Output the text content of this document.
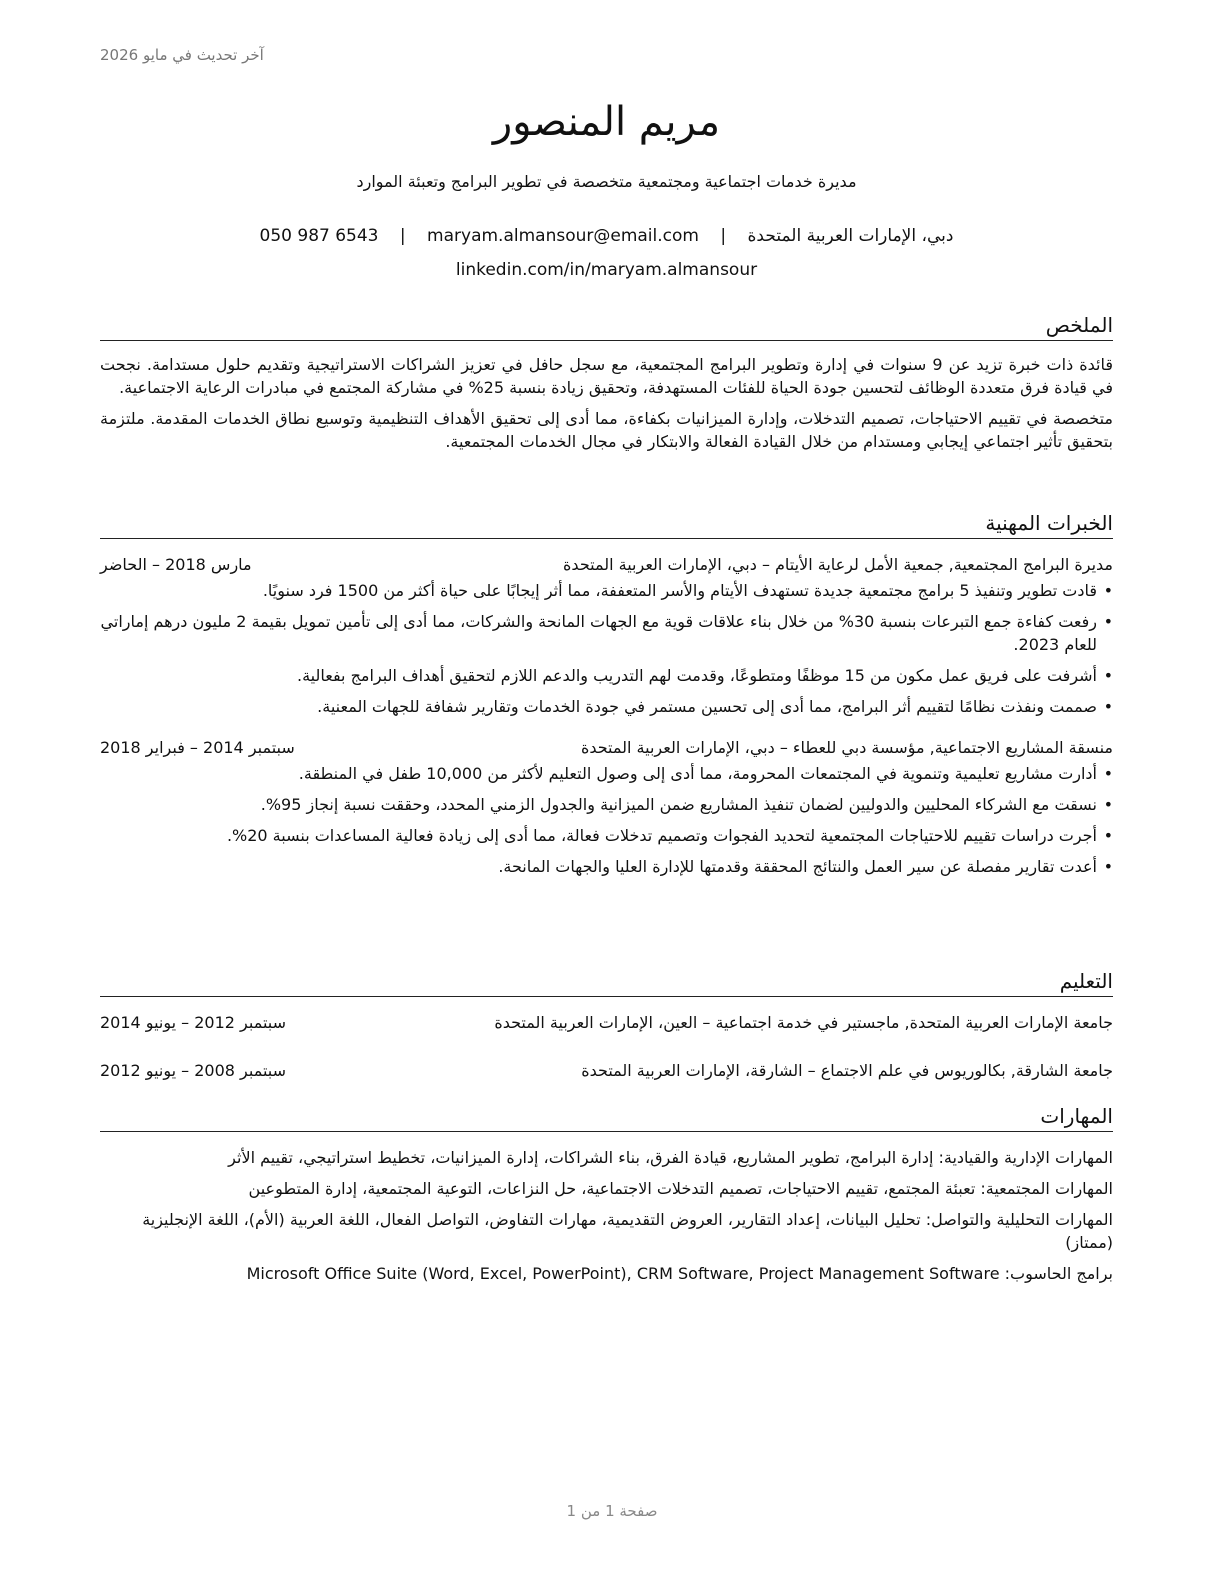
آخر تحديث في مايو 2026
مريم المنصور

مديرة خدمات اجتماعية ومجتمعية متخصصة في تطوير البرامج وتعبئة الموارد

دبي، الإمارات العربية المتحدة | maryam.almansour@email.com | 050 987 6543
linkedin.com/in/maryam.almansour
الملخص

قائدة ذات خبرة تزيد عن 9 سنوات في إدارة وتطوير البرامج المجتمعية، مع سجل حافل في تعزيز الشراكات الاستراتيجية وتقديم حلول مستدامة. نجحت في قيادة فرق متعددة الوظائف لتحسين جودة الحياة للفئات المستهدفة، وتحقيق زيادة بنسبة 25% في مشاركة المجتمع في مبادرات الرعاية الاجتماعية.

متخصصة في تقييم الاحتياجات، تصميم التدخلات، وإدارة الميزانيات بكفاءة، مما أدى إلى تحقيق الأهداف التنظيمية وتوسيع نطاق الخدمات المقدمة. ملتزمة بتحقيق تأثير اجتماعي إيجابي ومستدام من خلال القيادة الفعالة والابتكار في مجال الخدمات المجتمعية.

الخبرات المهنية
مديرة البرامج المجتمعية, جمعية الأمل لرعاية الأيتام – دبي، الإمارات العربية المتحدة
مارس 2018 – الحاضر
• قادت تطوير وتنفيذ 5 برامج مجتمعية جديدة تستهدف الأيتام والأسر المتعففة، مما أثر إيجابًا على حياة أكثر من 1500 فرد سنويًا.
• رفعت كفاءة جمع التبرعات بنسبة 30% من خلال بناء علاقات قوية مع الجهات المانحة والشركات، مما أدى إلى تأمين تمويل بقيمة 2 مليون درهم إماراتي للعام 2023.
• أشرفت على فريق عمل مكون من 15 موظفًا ومتطوعًا، وقدمت لهم التدريب والدعم اللازم لتحقيق أهداف البرامج بفعالية.
• صممت ونفذت نظامًا لتقييم أثر البرامج، مما أدى إلى تحسين مستمر في جودة الخدمات وتقارير شفافة للجهات المعنية.
منسقة المشاريع الاجتماعية, مؤسسة دبي للعطاء – دبي، الإمارات العربية المتحدة
سبتمبر 2014 – فبراير 2018
• أدارت مشاريع تعليمية وتنموية في المجتمعات المحرومة، مما أدى إلى وصول التعليم لأكثر من 10,000 طفل في المنطقة.
• نسقت مع الشركاء المحليين والدوليين لضمان تنفيذ المشاريع ضمن الميزانية والجدول الزمني المحدد، وحققت نسبة إنجاز 95%.
• أجرت دراسات تقييم للاحتياجات المجتمعية لتحديد الفجوات وتصميم تدخلات فعالة، مما أدى إلى زيادة فعالية المساعدات بنسبة 20%.
• أعدت تقارير مفصلة عن سير العمل والنتائج المحققة وقدمتها للإدارة العليا والجهات المانحة.
التعليم
جامعة الإمارات العربية المتحدة, ماجستير في خدمة اجتماعية – العين، الإمارات العربية المتحدة
سبتمبر 2012 – يونيو 2014
جامعة الشارقة, بكالوريوس في علم الاجتماع – الشارقة، الإمارات العربية المتحدة
سبتمبر 2008 – يونيو 2012
المهارات

المهارات الإدارية والقيادية: إدارة البرامج، تطوير المشاريع، قيادة الفرق، بناء الشراكات، إدارة الميزانيات، تخطيط استراتيجي، تقييم الأثر

المهارات المجتمعية: تعبئة المجتمع، تقييم الاحتياجات، تصميم التدخلات الاجتماعية، حل النزاعات، التوعية المجتمعية، إدارة المتطوعين

المهارات التحليلية والتواصل: تحليل البيانات، إعداد التقارير، العروض التقديمية، مهارات التفاوض، التواصل الفعال، اللغة العربية (الأم)، اللغة الإنجليزية (ممتاز)

برامج الحاسوب: Microsoft Office Suite (Word, Excel, PowerPoint), CRM Software, Project Management Software

صفحة 1 من 1
